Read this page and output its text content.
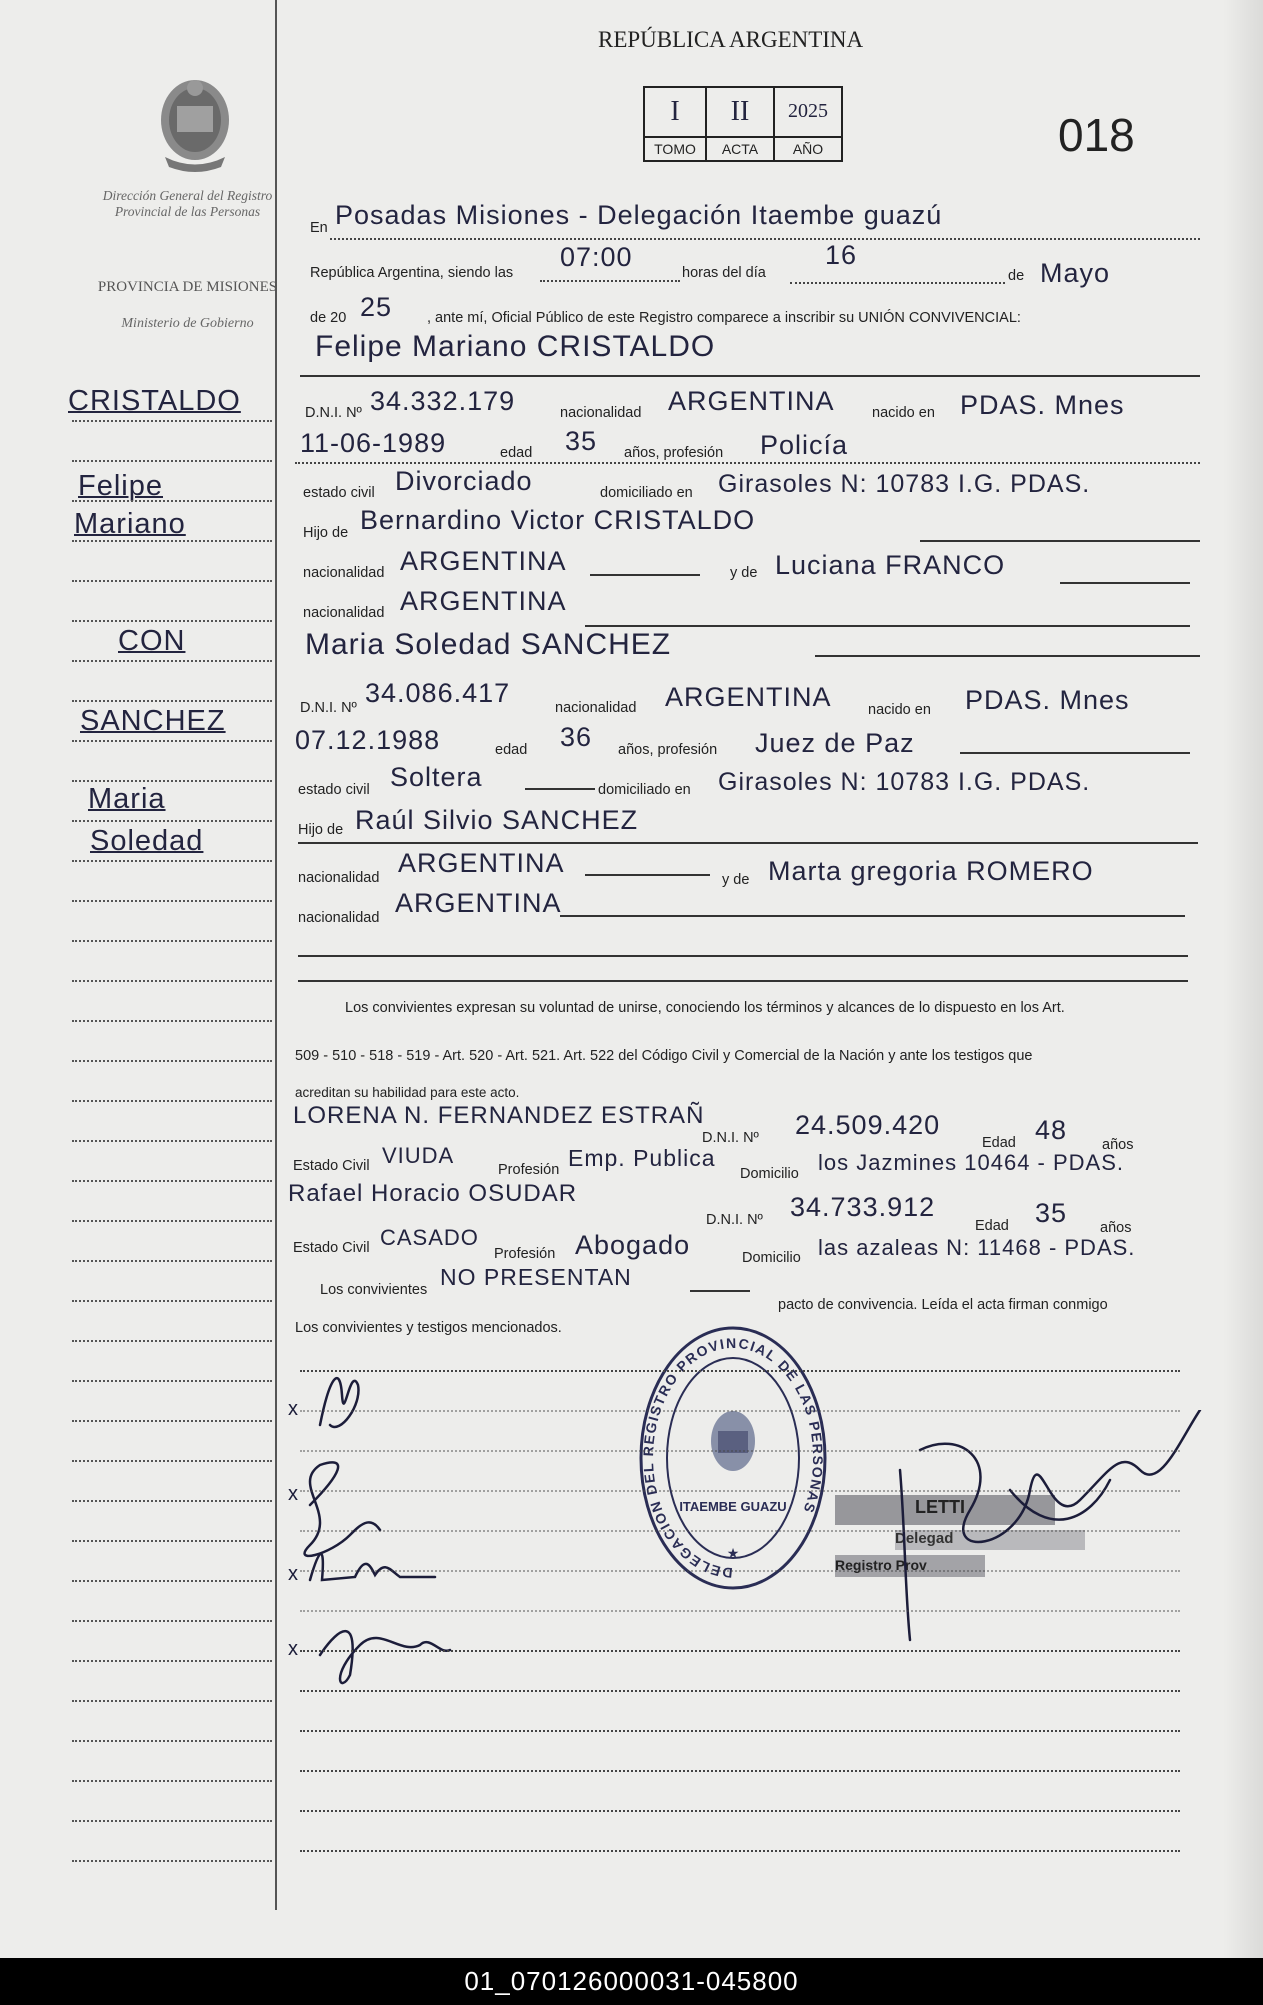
Dirección General del Registro Provincial de las Personas
PROVINCIA DE MISIONES
Ministerio de Gobierno
REPÚBLICA ARGENTINA
I
TOMO
II
ACTA
2025
AÑO	018
CRISTALDO
Felipe
Mariano
CON
SANCHEZ
Maria
Soledad
En Posadas Misiones - Delegación Itaembe guazú
República Argentina, siendo las
07:00
horas del día
16
de Mayo
de 20 25 , ante mí, Oficial Público de este Registro comparece a inscribir su UNIÓN CONVIVENCIAL:
Felipe Mariano CRISTALDO
D.N.I. Nº 34.332.179	nacionalidad ARGENTINA	nacido en PDAS. Mnes
11-06-1989	edad 35 años, profesión Policía
estado civil Divorciado	domiciliado en Girasoles N: 10783 I.G. PDAS.
Hijo de Bernardino Victor CRISTALDO
nacionalidad ARGENTINA	y de Luciana FRANCO
nacionalidad ARGENTINA
Maria Soledad SANCHEZ
D.N.I. Nº 34.086.417	nacionalidad ARGENTINA	nacido en PDAS. Mnes
07.12.1988	edad 36 años, profesión Juez de Paz
estado civil Soltera	domiciliado en Girasoles N: 10783 I.G. PDAS.
Hijo de Raúl Silvio SANCHEZ
nacionalidad ARGENTINA
y de Marta gregoria ROMERO
nacionalidad ARGENTINA
Los convivientes expresan su voluntad de unirse, conociendo los términos y alcances de lo dispuesto en los Art.
509 - 510 - 518 - 519 - Art. 520 - Art. 521. Art. 522 del Código Civil y Comercial de la Nación y ante los testigos que
acreditan su habilidad para este acto.
LORENA N. FERNANDEZ ESTRAÑ
D.N.I. Nº 24.509.420
Edad 48 años
Estado Civil VIUDA
Profesión Emp. Publica
Domicilio los Jazmines 10464 - PDAS.
Rafael Horacio OSUDAR
D.N.I. Nº 34.733.912
Edad 35 años
Estado Civil CASADO
Profesión Abogado	Domicilio las azaleas N: 11468 - PDAS.
Los convivientes NO PRESENTAN
pacto de convivencia. Leída el acta firman conmigo
Los convivientes y testigos mencionados.
DELEGACION DEL REGISTRO PROVINCIAL DE LAS PERSONAS
ITAEMBE GUAZU
★
LETTI
Delegad
Registro Prov
x
x
x
x
01_070126000031-045800
